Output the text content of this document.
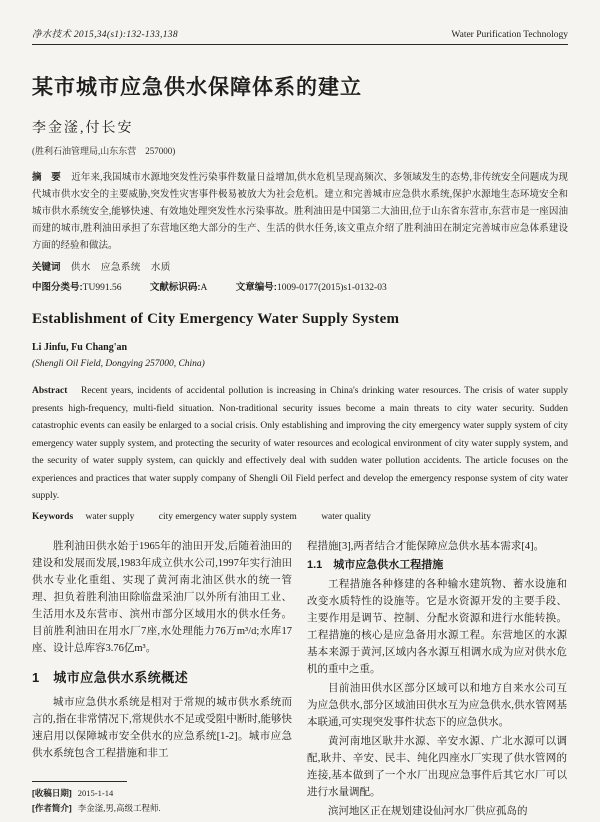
净水技术 2015,34(s1):132-133,138	Water Purification Technology
某市城市应急供水保障体系的建立
李金滏,付长安
(胜利石油管理局,山东东营　257000)

摘　要 近年来,我国城市水源地突发性污染事件数量日益增加,供水危机呈现高频次、多领域发生的态势,非传统安全问题成为现代城市供水安全的主要威胁,突发性灾害事件极易被放大为社会危机。建立和完善城市应急供水系统,保护水源地生态环境安全和城市供水系统安全,能够快速、有效地处理突发性水污染事故。胜利油田是中国第二大油田,位于山东省东营市,东营市是一座因油而建的城市,胜利油田承担了东营地区绝大部分的生产、生活的供水任务,该文重点介绍了胜利油田在制定完善城市应急体系建设方面的经验和做法。

关键词 供水　应急系统　水质

中图分类号:TU991.56	文献标识码:A	文章编号:1009-0177(2015)s1-0132-03

Establishment of City Emergency Water Supply System
Li Jinfu, Fu Chang'an
(Shengli Oil Field, Dongying 257000, China)

Abstract Recent years, incidents of accidental pollution is increasing in China's drinking water resources. The crisis of water supply presents high-frequency, multi-field situation. Non-traditional security issues become a main threats to city water security. Sudden catastrophic events can easily be enlarged to a social crisis. Only establishing and improving the city emergency water supply system of city emergency water supply system, and protecting the security of water resources and ecological environment of city water supply system, and the security of water supply system, can quickly and effectively deal with sudden water pollution accidents. The article focuses on the experiences and practices that water supply company of Shengli Oil Field perfect and develop the emergency response system of city water supply.

Keywords water supply	city emergency water supply system	water quality

胜利油田供水始于1965年的油田开发,后随着油田的建设和发展而发展,1983年成立供水公司,1997年实行油田供水专业化重组、实现了黄河南北油区供水的统一管理、担负着胜利油田除临盘采油厂以外所有油田工业、生活用水及东营市、滨州市部分区域用水的供水任务。目前胜利油田在用水厂7座,水处理能力76万m³/d;水库17座、设计总库容3.76亿m³。

1　城市应急供水系统概述

城市应急供水系统是相对于常规的城市供水系统而言的,指在非常情况下,常规供水不足或受阻中断时,能够快速启用以保障城市安全供水的应急系统[1-2]。城市应急供水系统包含工程措施和非工

[收稿日期] 2015-1-14
[作者简介] 李金滏,男,高级工程师.

程措施[3],两者结合才能保障应急供水基本需求[4]。

1.1　城市应急供水工程措施

工程措施各种修建的各种输水建筑物、蓄水设施和改变水质特性的设施等。它是水资源开发的主要手段、主要作用是调节、控制、分配水资源和进行水能转换。工程措施的核心是应急备用水源工程。东营地区的水源基本来源于黄河,区域内各水源互相调水成为应对供水危机的重中之重。

目前油田供水区部分区域可以和地方自来水公司互为应急供水,部分区域油田供水互为应急供水,供水管网基本联通,可实现突发事件状态下的应急供水。

黄河南地区耿井水源、辛安水源、广北水源可以调配,耿井、辛安、民丰、纯化四座水厂实现了供水管网的连接,基本做到了一个水厂出现应急事件后其它水厂可以进行水量调配。

滨河地区正在规划建设仙河水厂供应孤岛的
